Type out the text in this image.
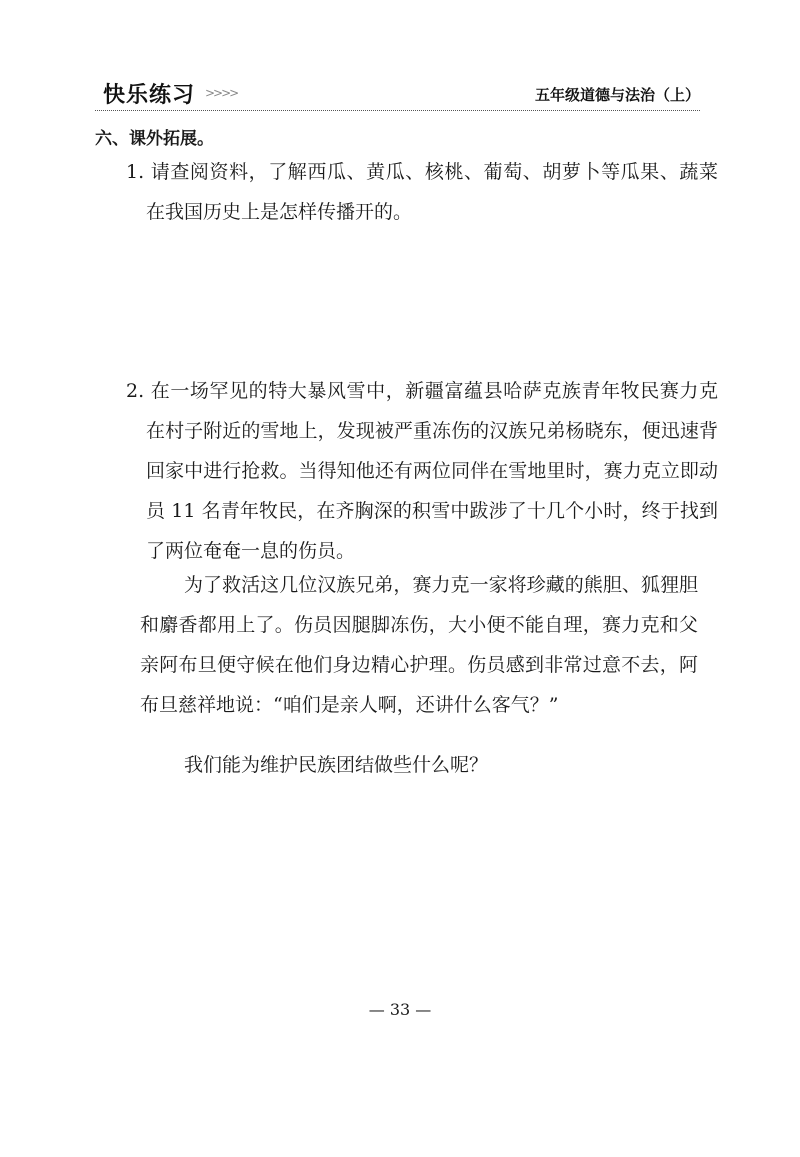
快乐练习 >>>>	五年级道德与法治（上）
六、课外拓展。
1. 请查阅资料，了解西瓜、黄瓜、核桃、葡萄、胡萝卜等瓜果、蔬菜在我国历史上是怎样传播开的。
2. 在一场罕见的特大暴风雪中，新疆富蕴县哈萨克族青年牧民赛力克在村子附近的雪地上，发现被严重冻伤的汉族兄弟杨晓东，便迅速背回家中进行抢救。当得知他还有两位同伴在雪地里时，赛力克立即动员 11 名青年牧民，在齐胸深的积雪中跋涉了十几个小时，终于找到了两位奄奄一息的伤员。
为了救活这几位汉族兄弟，赛力克一家将珍藏的熊胆、狐狸胆和麝香都用上了。伤员因腿脚冻伤，大小便不能自理，赛力克和父亲阿布旦便守候在他们身边精心护理。伤员感到非常过意不去，阿布旦慈祥地说：“咱们是亲人啊，还讲什么客气？”
我们能为维护民族团结做些什么呢？
— 33 —
